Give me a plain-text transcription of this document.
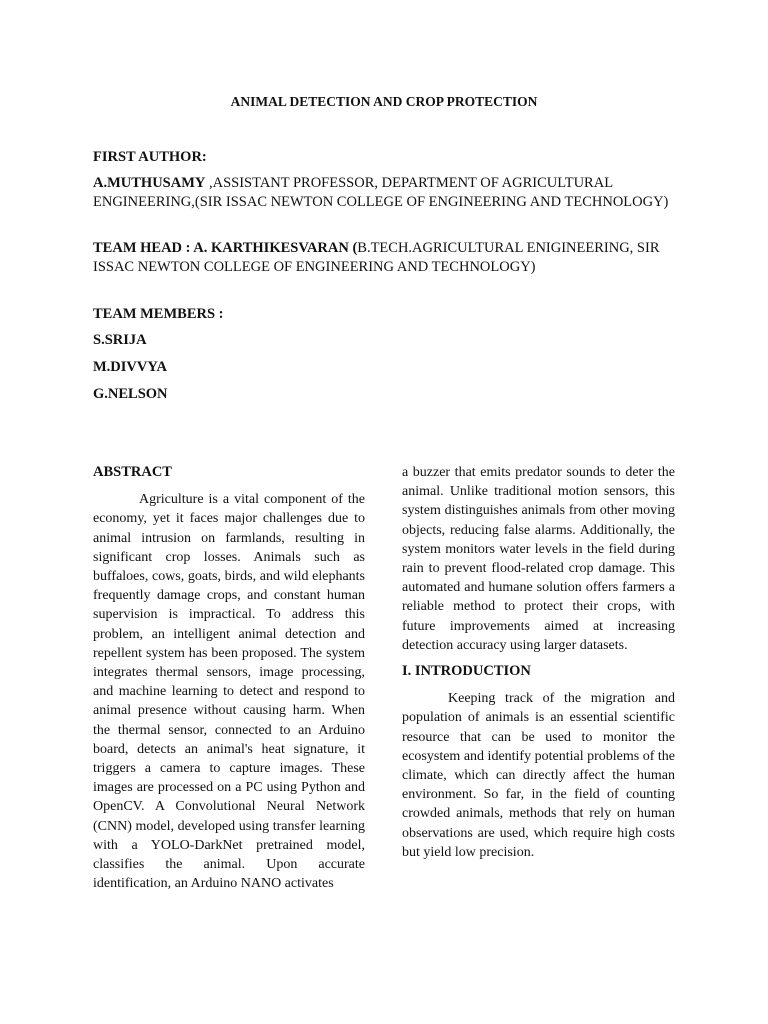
ANIMAL DETECTION AND CROP PROTECTION
FIRST AUTHOR:
A.MUTHUSAMY ,ASSISTANT PROFESSOR, DEPARTMENT OF AGRICULTURAL ENGINEERING,(SIR ISSAC NEWTON COLLEGE OF ENGINEERING AND TECHNOLOGY)
TEAM HEAD : A. KARTHIKESVARAN (B.TECH.AGRICULTURAL ENIGINEERING, SIR ISSAC NEWTON COLLEGE OF ENGINEERING AND TECHNOLOGY)
TEAM MEMBERS :
S.SRIJA
M.DIVVYA
G.NELSON
ABSTRACT

Agriculture is a vital component of the economy, yet it faces major challenges due to animal intrusion on farmlands, resulting in significant crop losses. Animals such as buffaloes, cows, goats, birds, and wild elephants frequently damage crops, and constant human supervision is impractical. To address this problem, an intelligent animal detection and repellent system has been proposed. The system integrates thermal sensors, image processing, and machine learning to detect and respond to animal presence without causing harm. When the thermal sensor, connected to an Arduino board, detects an animal's heat signature, it triggers a camera to capture images. These images are processed on a PC using Python and OpenCV. A Convolutional Neural Network (CNN) model, developed using transfer learning with a YOLO-DarkNet pretrained model, classifies the animal. Upon accurate identification, an Arduino NANO activates

a buzzer that emits predator sounds to deter the animal. Unlike traditional motion sensors, this system distinguishes animals from other moving objects, reducing false alarms. Additionally, the system monitors water levels in the field during rain to prevent flood-related crop damage. This automated and humane solution offers farmers a reliable method to protect their crops, with future improvements aimed at increasing detection accuracy using larger datasets.

I. INTRODUCTION

Keeping track of the migration and population of animals is an essential scientific resource that can be used to monitor the ecosystem and identify potential problems of the climate, which can directly affect the human environment. So far, in the field of counting crowded animals, methods that rely on human observations are used, which require high costs but yield low precision.
